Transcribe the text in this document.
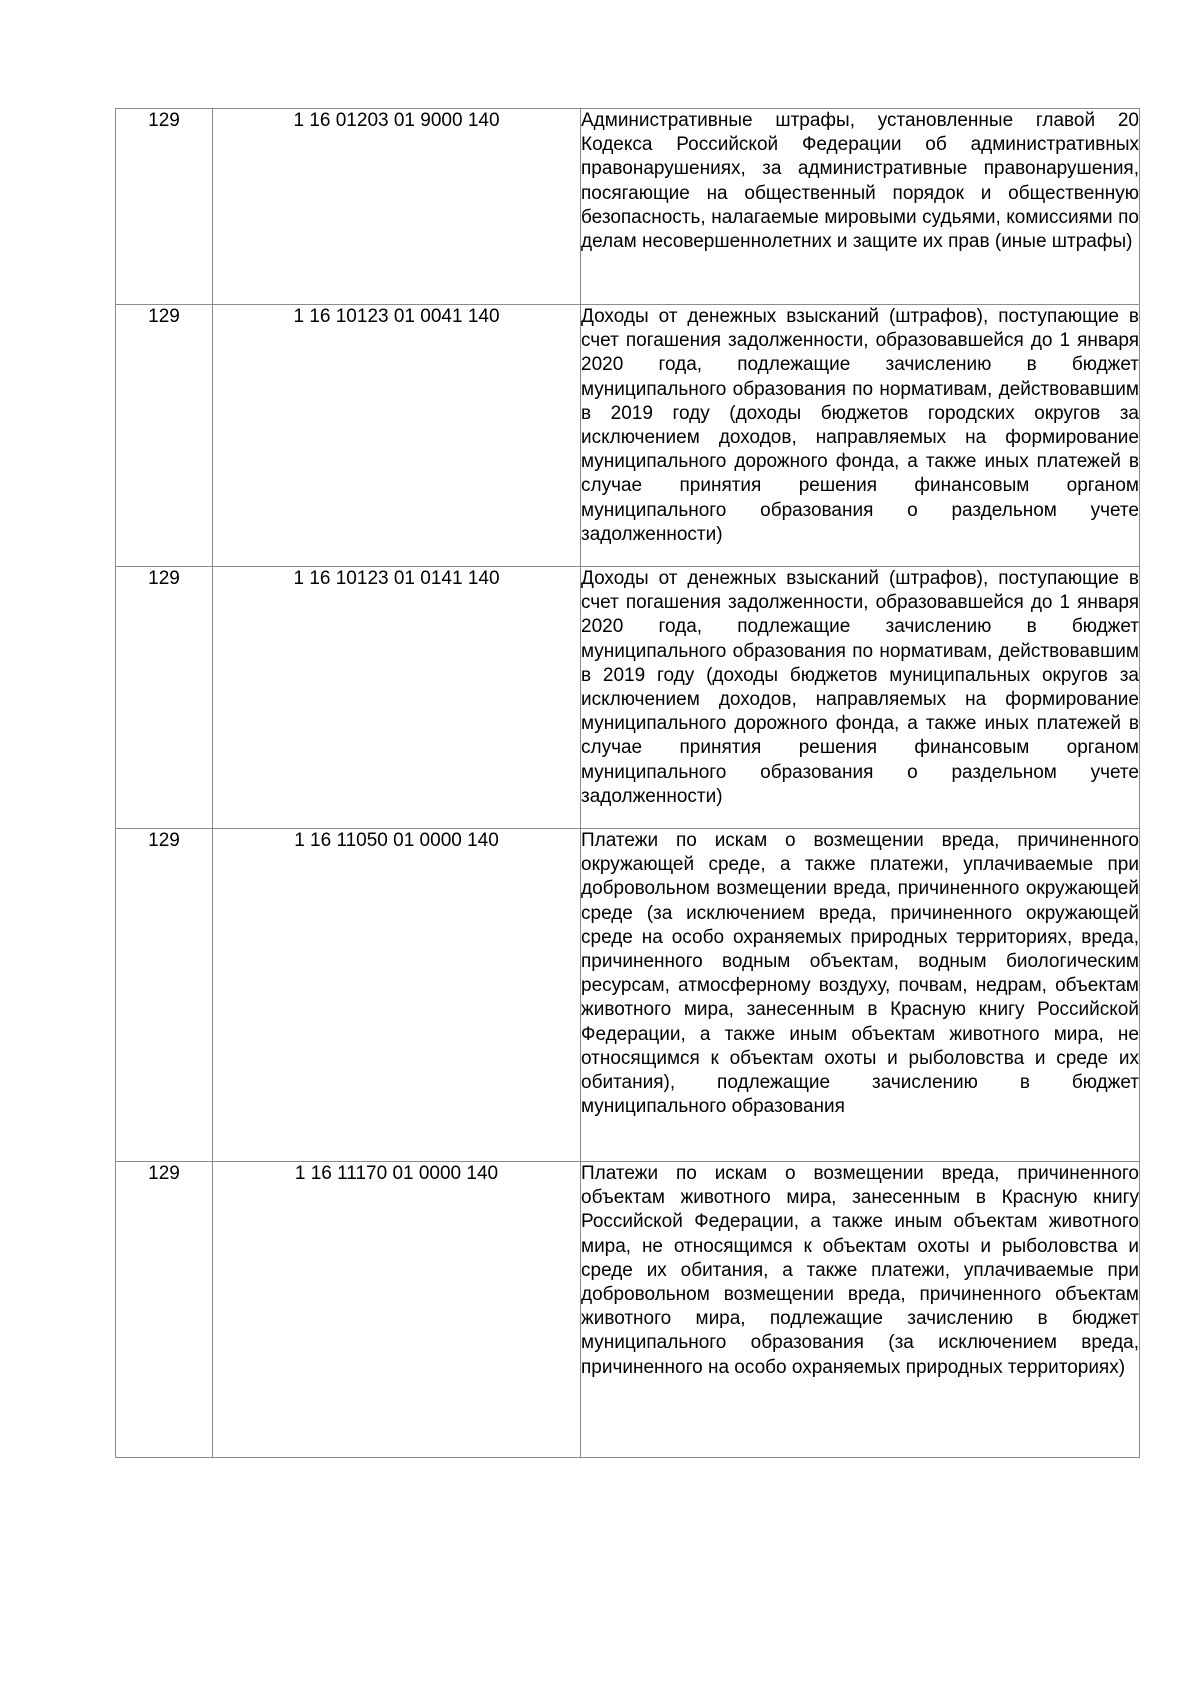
129	1 16 01203 01 9000 140	Административные штрафы, установленные главой 20 Кодекса Российской Федерации об административных правонарушениях, за административные правонарушения, посягающие на общественный порядок и общественную безопасность, налагаемые мировыми судьями, комиссиями по делам несовершеннолетних и защите их прав (иные штрафы)

129	1 16 10123 01 0041 140	Доходы от денежных взысканий (штрафов), поступающие в счет погашения задолженности, образовавшейся до 1 января 2020 года, подлежащие зачислению в бюджет муниципального образования по нормативам, действовавшим в 2019 году (доходы бюджетов городских округов за исключением доходов, направляемых на формирование муниципального дорожного фонда, а также иных платежей в случае принятия решения финансовым органом муниципального образования о раздельном учете задолженности)

129	1 16 10123 01 0141 140	Доходы от денежных взысканий (штрафов), поступающие в счет погашения задолженности, образовавшейся до 1 января 2020 года, подлежащие зачислению в бюджет муниципального образования по нормативам, действовавшим в 2019 году (доходы бюджетов муниципальных округов за исключением доходов, направляемых на формирование муниципального дорожного фонда, а также иных платежей в случае принятия решения финансовым органом муниципального образования о раздельном учете задолженности)

129	1 16 11050 01 0000 140	Платежи по искам о возмещении вреда, причиненного окружающей среде, а также платежи, уплачиваемые при добровольном возмещении вреда, причиненного окружающей среде (за исключением вреда, причиненного окружающей среде на особо охраняемых природных территориях, вреда, причиненного водным объектам, водным биологическим ресурсам, атмосферному воздуху, почвам, недрам, объектам животного мира, занесенным в Красную книгу Российской Федерации, а также иным объектам животного мира, не относящимся к объектам охоты и рыболовства и среде их обитания), подлежащие зачислению в бюджет муниципального образования

129	1 16 11170 01 0000 140	Платежи по искам о возмещении вреда, причиненного объектам животного мира, занесенным в Красную книгу Российской Федерации, а также иным объектам животного мира, не относящимся к объектам охоты и рыболовства и среде их обитания, а также платежи, уплачиваемые при добровольном возмещении вреда, причиненного объектам животного мира, подлежащие зачислению в бюджет муниципального образования (за исключением вреда, причиненного на особо охраняемых природных территориях)
